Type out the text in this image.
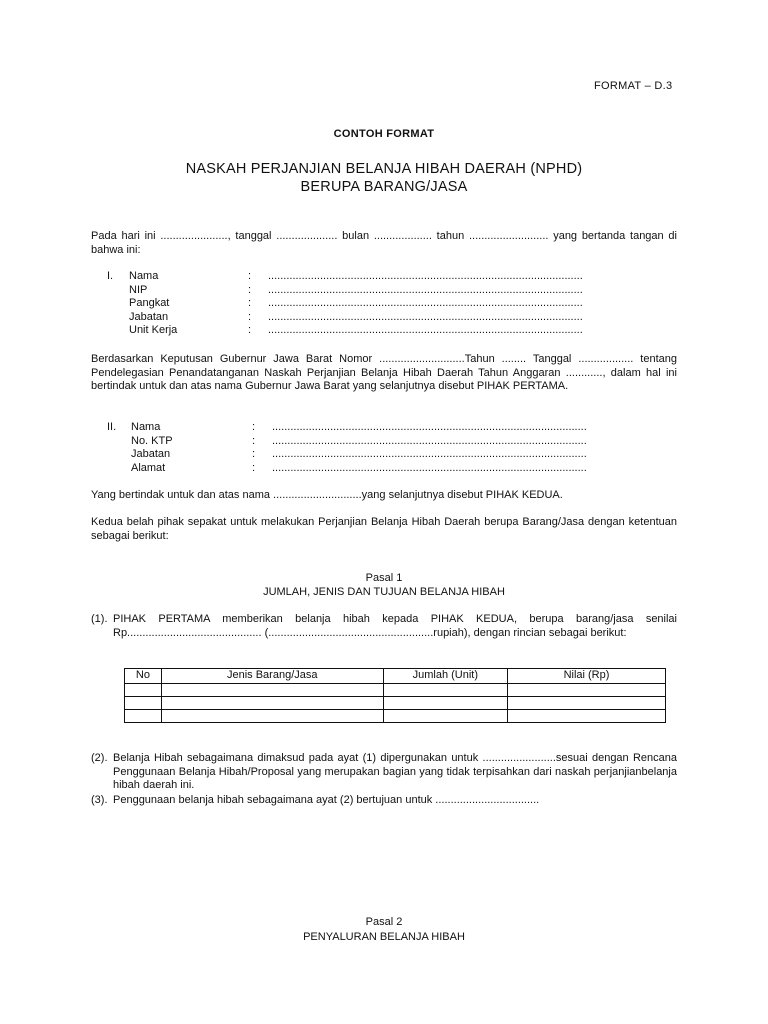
FORMAT – D.3
CONTOH FORMAT
NASKAH PERJANJIAN BELANJA HIBAH DAERAH (NPHD)
BERUPA BARANG/JASA
Pada hari ini ......................, tanggal .................... bulan ................... tahun .......................... yang bertanda tangan di bahwa ini:
I. Nama	: .......................................................................................................
NIP	: .......................................................................................................
Pangkat	: .......................................................................................................
Jabatan	: .......................................................................................................
Unit Kerja	: .......................................................................................................
Berdasarkan Keputusan Gubernur Jawa Barat Nomor ............................Tahun ........ Tanggal .................. tentang Pendelegasian Penandatanganan Naskah Perjanjian Belanja Hibah Daerah Tahun Anggaran ............, dalam hal ini bertindak untuk dan atas nama Gubernur Jawa Barat yang selanjutnya disebut PIHAK PERTAMA.
II. Nama	: .......................................................................................................
No. KTP	: .......................................................................................................
Jabatan	: .......................................................................................................
Alamat	: .......................................................................................................
Yang bertindak untuk dan atas nama .............................yang selanjutnya disebut PIHAK KEDUA.
Kedua belah pihak sepakat untuk melakukan Perjanjian Belanja Hibah Daerah berupa Barang/Jasa dengan ketentuan sebagai berikut:
Pasal 1
JUMLAH, JENIS DAN TUJUAN BELANJA HIBAH
(1). PIHAK PERTAMA memberikan belanja hibah kepada PIHAK KEDUA, berupa barang/jasa senilai Rp............................................ (......................................................rupiah), dengan rincian sebagai berikut:
No	Jenis Barang/Jasa	Jumlah (Unit)	Nilai (Rp)

(2). Belanja Hibah sebagaimana dimaksud pada ayat (1) dipergunakan untuk ........................sesuai dengan Rencana Penggunaan Belanja Hibah/Proposal yang merupakan bagian yang tidak terpisahkan dari naskah perjanjianbelanja hibah daerah ini.
(3). Penggunaan belanja hibah sebagaimana ayat (2) bertujuan untuk ..................................
Pasal 2
PENYALURAN BELANJA HIBAH
